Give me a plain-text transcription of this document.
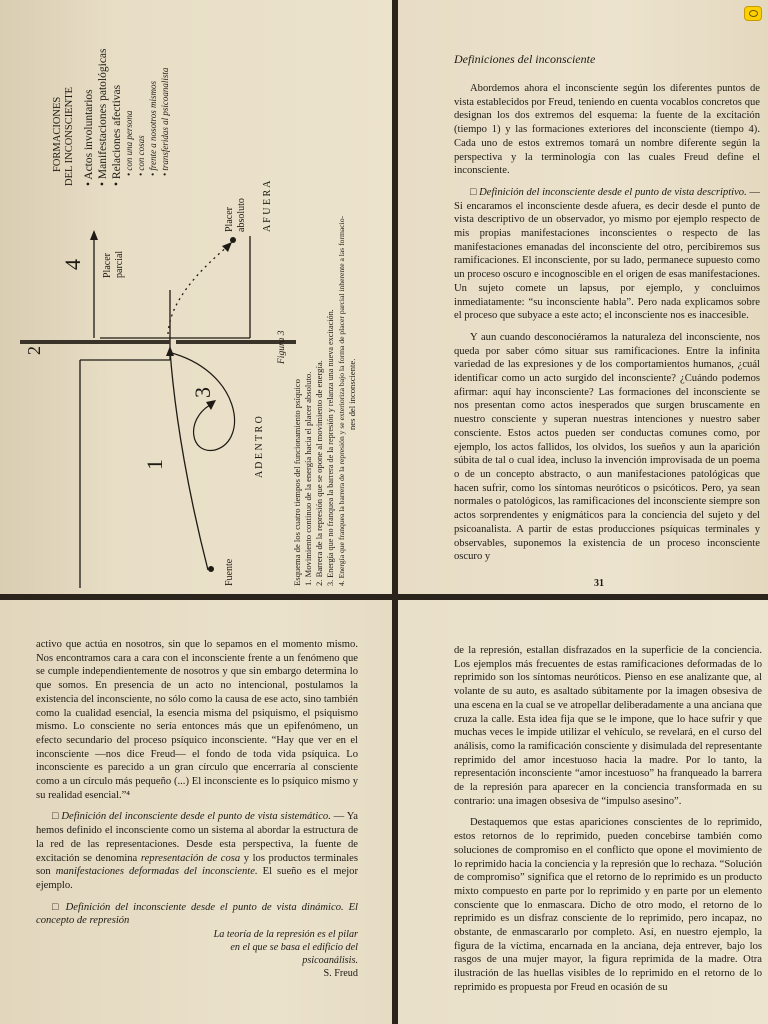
1
2
3
4
Fuente
A D E N T R O
A F U E R A
Placer parcial
Placer absoluto
FORMACIONES DEL INCONSCIENTE • Actos involuntarios • Manifestaciones patológicas • Relaciones afectivas • con una persona • con cosas • frente a nosotros mismos • transferidas al psicoanalista
Figura 3
Esquema de los cuatro tiempos del funcionamiento psíquico 1. Movimiento continuo de la energía hacia el placer absoluto. 2. Barrera de la represión que se opone al movimiento de energía. 3. Energía que no franquea la barrera de la represión y relanza una nueva excitación. 4. Energía que franquea la barrera de la represión y se exterioriza bajo la forma de placer parcial inherente a las formacio- nes del inconsciente.
Definiciones del inconsciente

Abordemos ahora el inconsciente según los diferentes puntos de vista establecidos por Freud, teniendo en cuenta vocablos concretos que designan los dos extremos del esquema: la fuente de la excitación (tiempo 1) y las formaciones exteriores del inconsciente (tiempo 4). Cada uno de estos extremos tomará un nombre diferente según la perspectiva y la terminología con las cuales Freud define el inconsciente.

□ Definición del inconsciente desde el punto de vista descriptivo. — Si encaramos el inconsciente desde afuera, es decir desde el punto de vista descriptivo de un observador, yo mismo por ejemplo respecto de mis propias manifestaciones inconscientes o respecto de las manifestaciones emanadas del inconsciente del otro, percibiremos sus ramificaciones. El inconsciente, por su lado, permanece supuesto como un proceso oscuro e incognoscible en el origen de esas manifestaciones. Un sujeto comete un lapsus, por ejemplo, y concluimos inmediatamente: “su inconsciente habla”. Pero nada explicamos sobre el proceso que subyace a este acto; el inconsciente nos es inaccesible.

Y aun cuando desconociéramos la naturaleza del inconsciente, nos queda por saber cómo situar sus ramificaciones. Entre la infinita variedad de las expresiones y de los comportamientos humanos, ¿cuál identificar como un acto surgido del inconsciente? ¿Cuándo podemos afirmar: aquí hay inconsciente? Las formaciones del inconsciente se nos presentan como actos inesperados que surgen bruscamente en nuestro consciente y superan nuestras intenciones y nuestro saber consciente. Estos actos pueden ser conductas comunes como, por ejemplo, los actos fallidos, los olvidos, los sueños y aun la aparición súbita de tal o cual idea, incluso la invención improvisada de un poema o de un concepto abstracto, o aun manifestaciones patológicas que hacen sufrir, como los síntomas neuróticos o psicóticos. Pero, ya sean normales o patológicos, las ramificaciones del inconsciente siempre son actos sorprendentes y enigmáticos para la conciencia del sujeto y del psicoanalista. A partir de estas producciones psíquicas terminales y observables, suponemos la existencia de un proceso inconsciente oscuro y

31

activo que actúa en nosotros, sin que lo sepamos en el momento mismo. Nos encontramos cara a cara con el inconsciente frente a un fenómeno que se cumple independientemente de nosotros y que sin embargo determina lo que somos. En presencia de un acto no intencional, postulamos la existencia del inconsciente, no sólo como la causa de ese acto, sino también como la cualidad esencial, la esencia misma del psiquismo, el psiquismo mismo. Lo consciente no sería entonces más que un epifenómeno, un efecto secundario del proceso psíquico inconsciente. “Hay que ver en el inconsciente —nos dice Freud— el fondo de toda vida psíquica. Lo inconsciente es parecido a un gran círculo que encerraría al consciente como a un círculo más pequeño (...) El inconsciente es lo psíquico mismo y su realidad esencial.”⁴

□ Definición del inconsciente desde el punto de vista sistemático. — Ya hemos definido el inconsciente como un sistema al abordar la estructura de la red de las representaciones. Desde esta perspectiva, la fuente de excitación se denomina representación de cosa y los productos terminales son manifestaciones deformadas del inconsciente. El sueño es el mejor ejemplo.

□ Definición del inconsciente desde el punto de vista dinámico. El concepto de represión

La teoría de la represión es el pilar en el que se basa el edificio del psicoanálisis.

S. Freud

de la represión, estallan disfrazados en la superficie de la conciencia. Los ejemplos más frecuentes de estas ramificaciones deformadas de lo reprimido son los síntomas neuróticos. Pienso en ese analizante que, al volante de su auto, es asaltado súbitamente por la imagen obsesiva de una escena en la cual se ve atropellar deliberadamente a una anciana que cruza la calle. Esta idea fija que se le impone, que lo hace sufrir y que muchas veces le impide utilizar el vehículo, se revelará, en el curso del análisis, como la ramificación consciente y disimulada del representante reprimido del amor incestuoso hacia la madre. Por lo tanto, la representación inconsciente “amor incestuoso” ha franqueado la barrera de la represión para aparecer en la conciencia transformada en su contrario: una imagen obsesiva de “impulso asesino”.

Destaquemos que estas apariciones conscientes de lo reprimido, estos retornos de lo reprimido, pueden concebirse también como soluciones de compromiso en el conflicto que opone el movimiento de lo reprimido hacia la conciencia y la represión que lo rechaza. “Solución de compromiso” significa que el retorno de lo reprimido es un producto mixto compuesto en parte por lo reprimido y en parte por un elemento consciente que lo enmascara. Dicho de otro modo, el retorno de lo reprimido es un disfraz consciente de lo reprimido, pero incapaz, no obstante, de enmascararlo por completo. Así, en nuestro ejemplo, la figura de la víctima, encarnada en la anciana, deja entrever, bajo los rasgos de una mujer mayor, la figura reprimida de la madre. Otra ilustración de las huellas visibles de lo reprimido en el retorno de lo reprimido es propuesta por Freud en ocasión de su
